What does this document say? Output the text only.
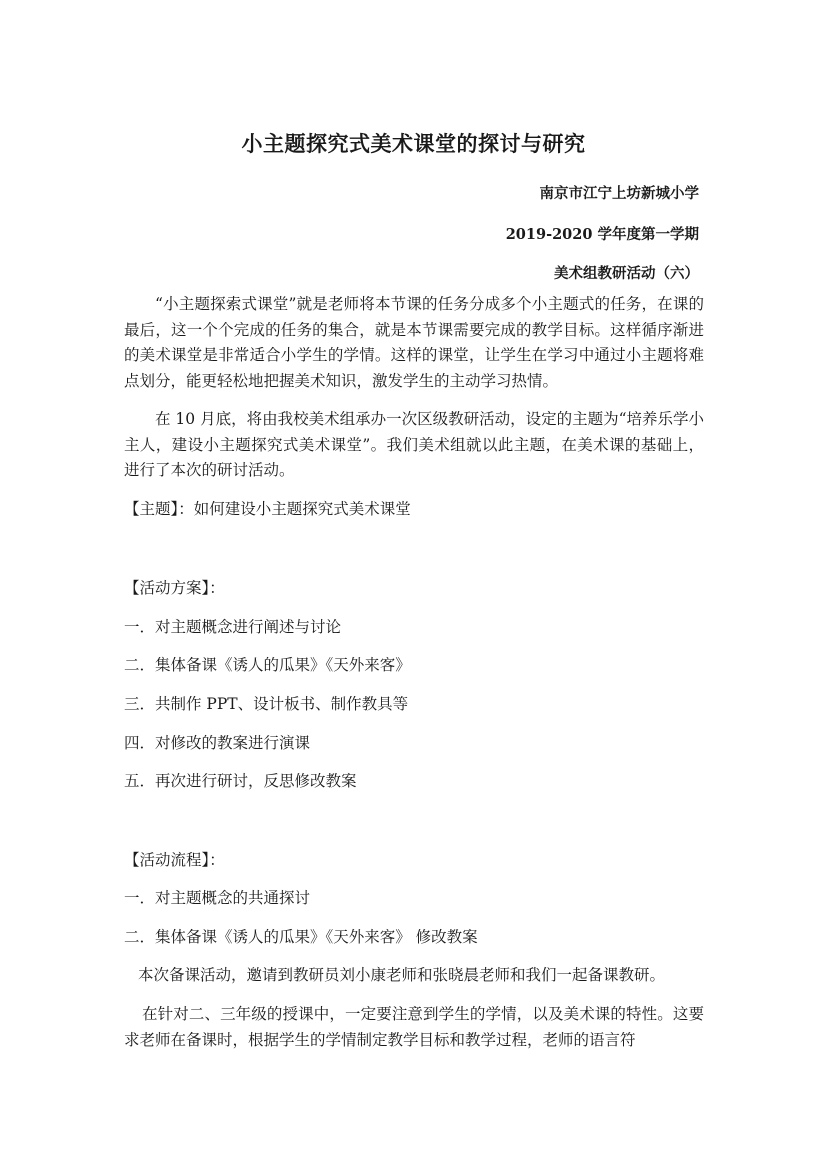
小主题探究式美术课堂的探讨与研究
南京市江宁上坊新城小学
2019-2020 学年度第一学期
美术组教研活动（六）
“小主题探索式课堂”就是老师将本节课的任务分成多个小主题式的任务，在课的最后，这一个个完成的任务的集合，就是本节课需要完成的教学目标。这样循序渐进的美术课堂是非常适合小学生的学情。这样的课堂，让学生在学习中通过小主题将难点划分，能更轻松地把握美术知识，激发学生的主动学习热情。
在 10 月底，将由我校美术组承办一次区级教研活动，设定的主题为“培养乐学小主人，建设小主题探究式美术课堂”。我们美术组就以此主题，在美术课的基础上，进行了本次的研讨活动。
【主题】：如何建设小主题探究式美术课堂
【活动方案】：
一．对主题概念进行阐述与讨论
二．集体备课《诱人的瓜果》《天外来客》
三．共制作 PPT、设计板书、制作教具等
四．对修改的教案进行演课
五．再次进行研讨，反思修改教案
【活动流程】：
一．对主题概念的共通探讨
二．集体备课《诱人的瓜果》《天外来客》 修改教案
本次备课活动，邀请到教研员刘小康老师和张晓晨老师和我们一起备课教研。
在针对二、三年级的授课中，一定要注意到学生的学情，以及美术课的特性。这要求老师在备课时，根据学生的学情制定教学目标和教学过程，老师的语言符
